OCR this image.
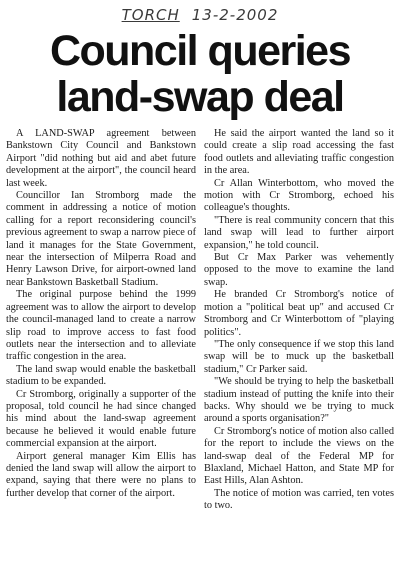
TORCH 13-2-2002
Council queries
land-swap deal

A LAND-SWAP agreement between Bankstown City Council and Bankstown Airport "did nothing but aid and abet future development at the airport", the council heard last week.

Councillor Ian Stromborg made the comment in addressing a notice of motion calling for a report reconsidering council's previous agreement to swap a narrow piece of land it manages for the State Government, near the intersection of Milperra Road and Henry Lawson Drive, for airport-owned land near Bankstown Basketball Stadium.

The original purpose behind the 1999 agreement was to allow the airport to develop the council-managed land to create a narrow slip road to improve access to fast food outlets near the intersection and to alleviate traffic congestion in the area.

The land swap would enable the basketball stadium to be expanded.

Cr Stromborg, originally a supporter of the proposal, told council he had since changed his mind about the land-swap agreement because he believed it would enable future commercial expansion at the airport.

Airport general manager Kim Ellis has denied the land swap will allow the airport to expand, saying that there were no plans to further develop that corner of the airport.

He said the airport wanted the land so it could create a slip road accessing the fast food outlets and alleviating traffic congestion in the area.

Cr Allan Winterbottom, who moved the motion with Cr Stromborg, echoed his colleague's thoughts.

"There is real community concern that this land swap will lead to further airport expansion," he told council.

But Cr Max Parker was vehemently opposed to the move to examine the land swap.

He branded Cr Stromborg's notice of motion a "political beat up" and accused Cr Stromborg and Cr Winterbottom of "playing politics".

"The only consequence if we stop this land swap will be to muck up the basketball stadium," Cr Parker said.

"We should be trying to help the basketball stadium instead of putting the knife into their backs. Why should we be trying to muck around a sports organisation?"

Cr Stromborg's notice of motion also called for the report to include the views on the land-swap deal of the Federal MP for Blaxland, Michael Hatton, and State MP for East Hills, Alan Ashton.

The notice of motion was carried, ten votes to two.
